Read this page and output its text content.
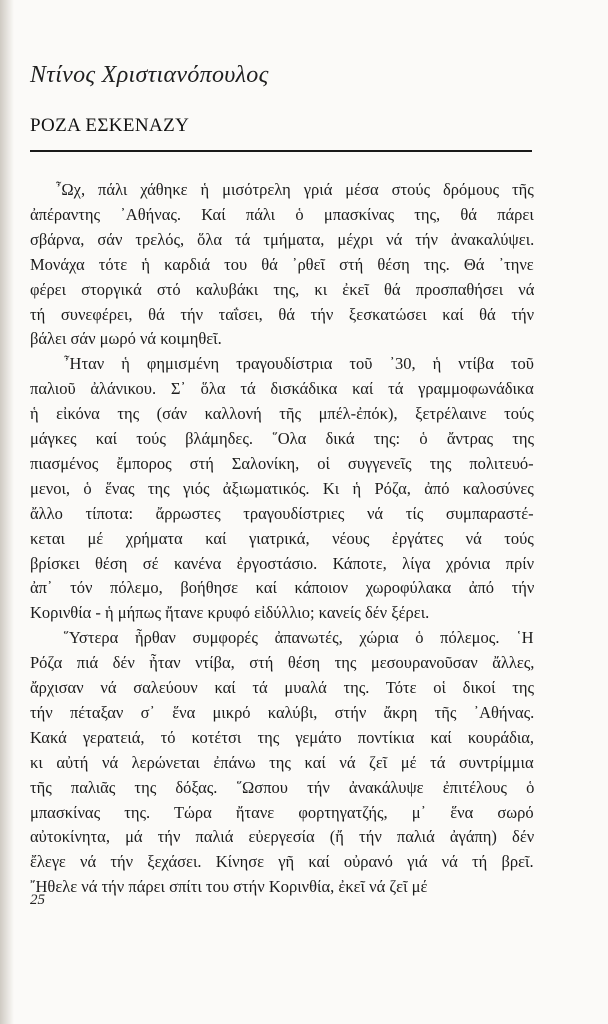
Ντίνος Χριστιανόπουλος
ΡΟΖΑ ΕΣΚΕΝΑΖΥ
῏Ωχ, πάλι χάθηκε ἡ μισότρελη γριά μέσα στούς δρόμους τῆς
ἀπέραντης ᾿Αθήνας. Καί πάλι ὁ μπασκίνας της, θά πάρει
σβάρνα, σάν τρελός, ὅλα τά τμήματα, μέχρι νά τήν ἀνακαλύψει.
Μονάχα τότε ἡ καρδιά του θά ᾿ρθεῖ στή θέση της. Θά ᾿τηνε
φέρει στοργικά στό καλυβάκι της, κι ἐκεῖ θά προσπαθήσει νά
τή συνεφέρει, θά τήν ταΐσει, θά τήν ξεσκατώσει καί θά τήν
βάλει σάν μωρό νά κοιμηθεῖ.
῏Ηταν ἡ φημισμένη τραγουδίστρια τοῦ ᾿30, ἡ ντίβα τοῦ
παλιοῦ ἀλάνικου. Σ᾿ ὅλα τά δισκάδικα καί τά γραμμοφωνάδικα
ἡ εἰκόνα της (σάν καλλονή τῆς μπέλ-ἐπόκ), ξετρέλαινε τούς
μάγκες καί τούς βλάμηδες. ῞Ολα δικά της: ὁ ἄντρας της
πιασμένος ἔμπορος στή Σαλονίκη, οἱ συγγενεῖς της πολιτευό-
μενοι, ὁ ἕνας της γιός ἀξιωματικός. Κι ἡ Ρόζα, ἀπό καλοσύνες
ἄλλο τίποτα: ἄρρωστες τραγουδίστριες νά τίς συμπαραστέ-
κεται μέ χρήματα καί γιατρικά, νέους ἐργάτες νά τούς
βρίσκει θέση σέ κανένα ἐργοστάσιο. Κάποτε, λίγα χρόνια πρίν
ἀπ᾿ τόν πόλεμο, βοήθησε καί κάποιον χωροφύλακα ἀπό τήν
Κορινθία - ἡ μήπως ἤτανε κρυφό εἰδύλλιο; κανείς δέν ξέρει.
῞Υστερα ἦρθαν συμφορές ἀπανωτές, χώρια ὁ πόλεμος. ῾Η
Ρόζα πιά δέν ἦταν ντίβα, στή θέση της μεσουρανοῦσαν ἄλλες,
ἄρχισαν νά σαλεύουν καί τά μυαλά της. Τότε οἱ δικοί της
τήν πέταξαν σ᾿ ἕνα μικρό καλύβι, στήν ἄκρη τῆς ᾿Αθήνας.
Κακά γερατειά, τό κοτέτσι της γεμάτο ποντίκια καί κουράδια,
κι αὐτή νά λερώνεται ἐπάνω της καί νά ζεῖ μέ τά συντρίμμια
τῆς παλιᾶς της δόξας. ῞Ωσπου τήν ἀνακάλυψε ἐπιτέλους ὁ
μπασκίνας της. Τώρα ἤτανε φορτηγατζής, μ᾿ ἕνα σωρό
αὐτοκίνητα, μά τήν παλιά εὐεργεσία (ἤ τήν παλιά ἀγάπη) δέν
ἔλεγε νά τήν ξεχάσει. Κίνησε γῆ καί οὐρανό γιά νά τή βρεῖ.
῎Ηθελε νά τήν πάρει σπίτι του στήν Κορινθία, ἐκεῖ νά ζεῖ μέ
25
